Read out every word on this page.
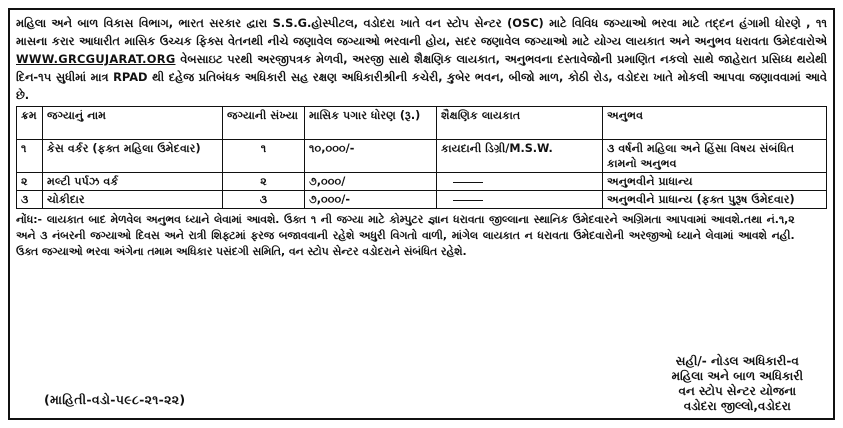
મહિલા અને બાળ વિકાસ વિભાગ, ભારત સરકાર દ્વારા S.S.G.હોસ્પીટલ, વડોદરા ખાતે વન સ્ટોપ સેન્ટર (OSC) માટે વિવિધ જગ્યાઓ ભરવા માટે તદ્દન હંગામી ધોરણે , ૧૧ માસના કરાર આધારીત માસિક ઉચ્ચક ફિક્સ વેતનથી નીચે જણાવેલ જગ્યાઓ ભરવાની હોય, સદર જણાવેલ જગ્યાઓ માટે યોગ્ય લાયકાત અને અનુભવ ધરાવતા ઉમેદવારોએ WWW.GRCGUJARAT.ORG વેબસાઇટ પરથી અરજીપત્રક મેળવી, અરજી સાથે શૈક્ષણિક લાયકાત, અનુભવના દસ્તાવેજોની પ્રમાણિત નકલો સાથે જાહેરાત પ્રસિધ્ધ થયેથી દિન-૧૫ સુધીમાં માત્ર RPAD થી દહેજ પ્રતિબંધક અધિકારી સહ રક્ષણ અધિકારીશ્રીની કચેરી, કુબેર ભવન, બીજો માળ, કોઠી રોડ, વડોદરા ખાતે મોકલી આપવા જણાવવામાં આવે છે.

ક્રમ	જગ્યાનું નામ	જગ્યાની સંખ્યા	માસિક પગાર ધોરણ (રૂ.)	શૈક્ષણિક લાયકાત	અનુભવ
૧	કેસ વર્કર (ફક્ત મહિલા ઉમેદવાર)	૧	૧૦,૦૦૦/-	કાયદાની ડિગ્રી/M.S.W.	૩ વર્ષની મહિલા અને હિંસા વિષય સંબંધિત કામનો અનુભવ
૨	મલ્ટી પર્પઝ વર્ક	૨	૭,૦૦૦/		અનુભવીને પ્રાધાન્ય
૩	ચોકીદાર	૩	૭,૦૦૦/-		અનુભવીને પ્રાધાન્ય (ફક્ત પુરૂષ ઉમેદવાર)
નોંધ:- લાયકાત બાદ મેળવેલ અનુભવ ધ્યાને લેવામાં આવશે. ઉક્ત ૧ ની જગ્યા માટે કોમ્પુટર જ્ઞાન ધરાવતા જીલ્લાના સ્થાનિક ઉમેદવારને અગ્રિમતા આપવામાં આવશે.તથા નં.૧,૨ અને ૩ નંબરની જગ્યાઓ દિવસ અને રાત્રી શિફ્ટમાં ફરજ બજાવવાની રહેશે અધુરી વિગતો વાળી, માંગેલ લાયકાત ન ધરાવતા ઉમેદવારોની અરજીઓ ધ્યાને લેવામાં આવશે નહી. ઉક્ત જગ્યાઓ ભરવા અંગેના તમામ અધિકાર પસંદગી સમિતિ, વન સ્ટોપ સેન્ટર વડોદરાને સંબંધિત રહેશે.
(માહિતી-વડો-૫૯૮-૨૧-૨૨)
સહી/- નોડલ અધિકારી-વ
મહિલા અને બાળ અધિકારી
વન સ્ટોપ સેન્ટર યોજના
વડોદરા જીલ્લો,વડોદરા
